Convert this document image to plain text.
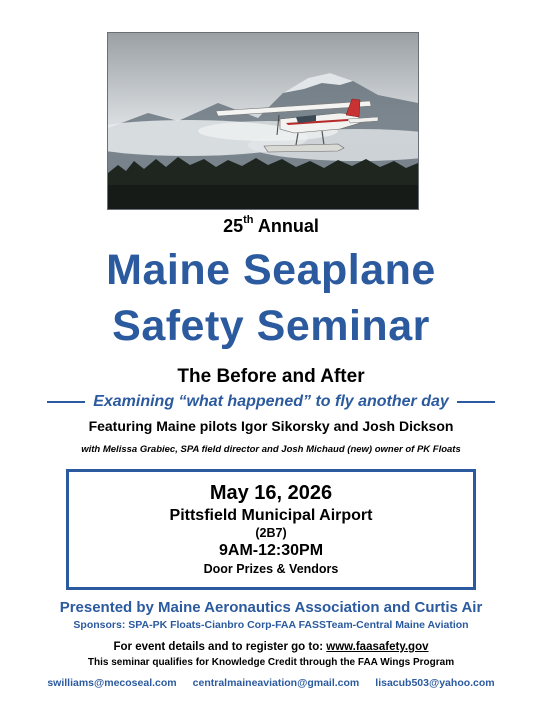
25th Annual
Maine Seaplane
Safety Seminar
The Before and After
Examining “what happened” to fly another day
Featuring Maine pilots Igor Sikorsky and Josh Dickson
with Melissa Grabiec, SPA field director and Josh Michaud (new) owner of PK Floats
May 16, 2026
Pittsfield Municipal Airport
(2B7)
9AM-12:30PM
Door Prizes & Vendors
Presented by Maine Aeronautics Association and Curtis Air
Sponsors: SPA-PK Floats-Cianbro Corp-FAA FASSTeam-Central Maine Aviation
For event details and to register go to: www.faasafety.gov
This seminar qualifies for Knowledge Credit through the FAA Wings Program
swilliams@mecoseal.com centralmaineaviation@gmail.com lisacub503@yahoo.com
